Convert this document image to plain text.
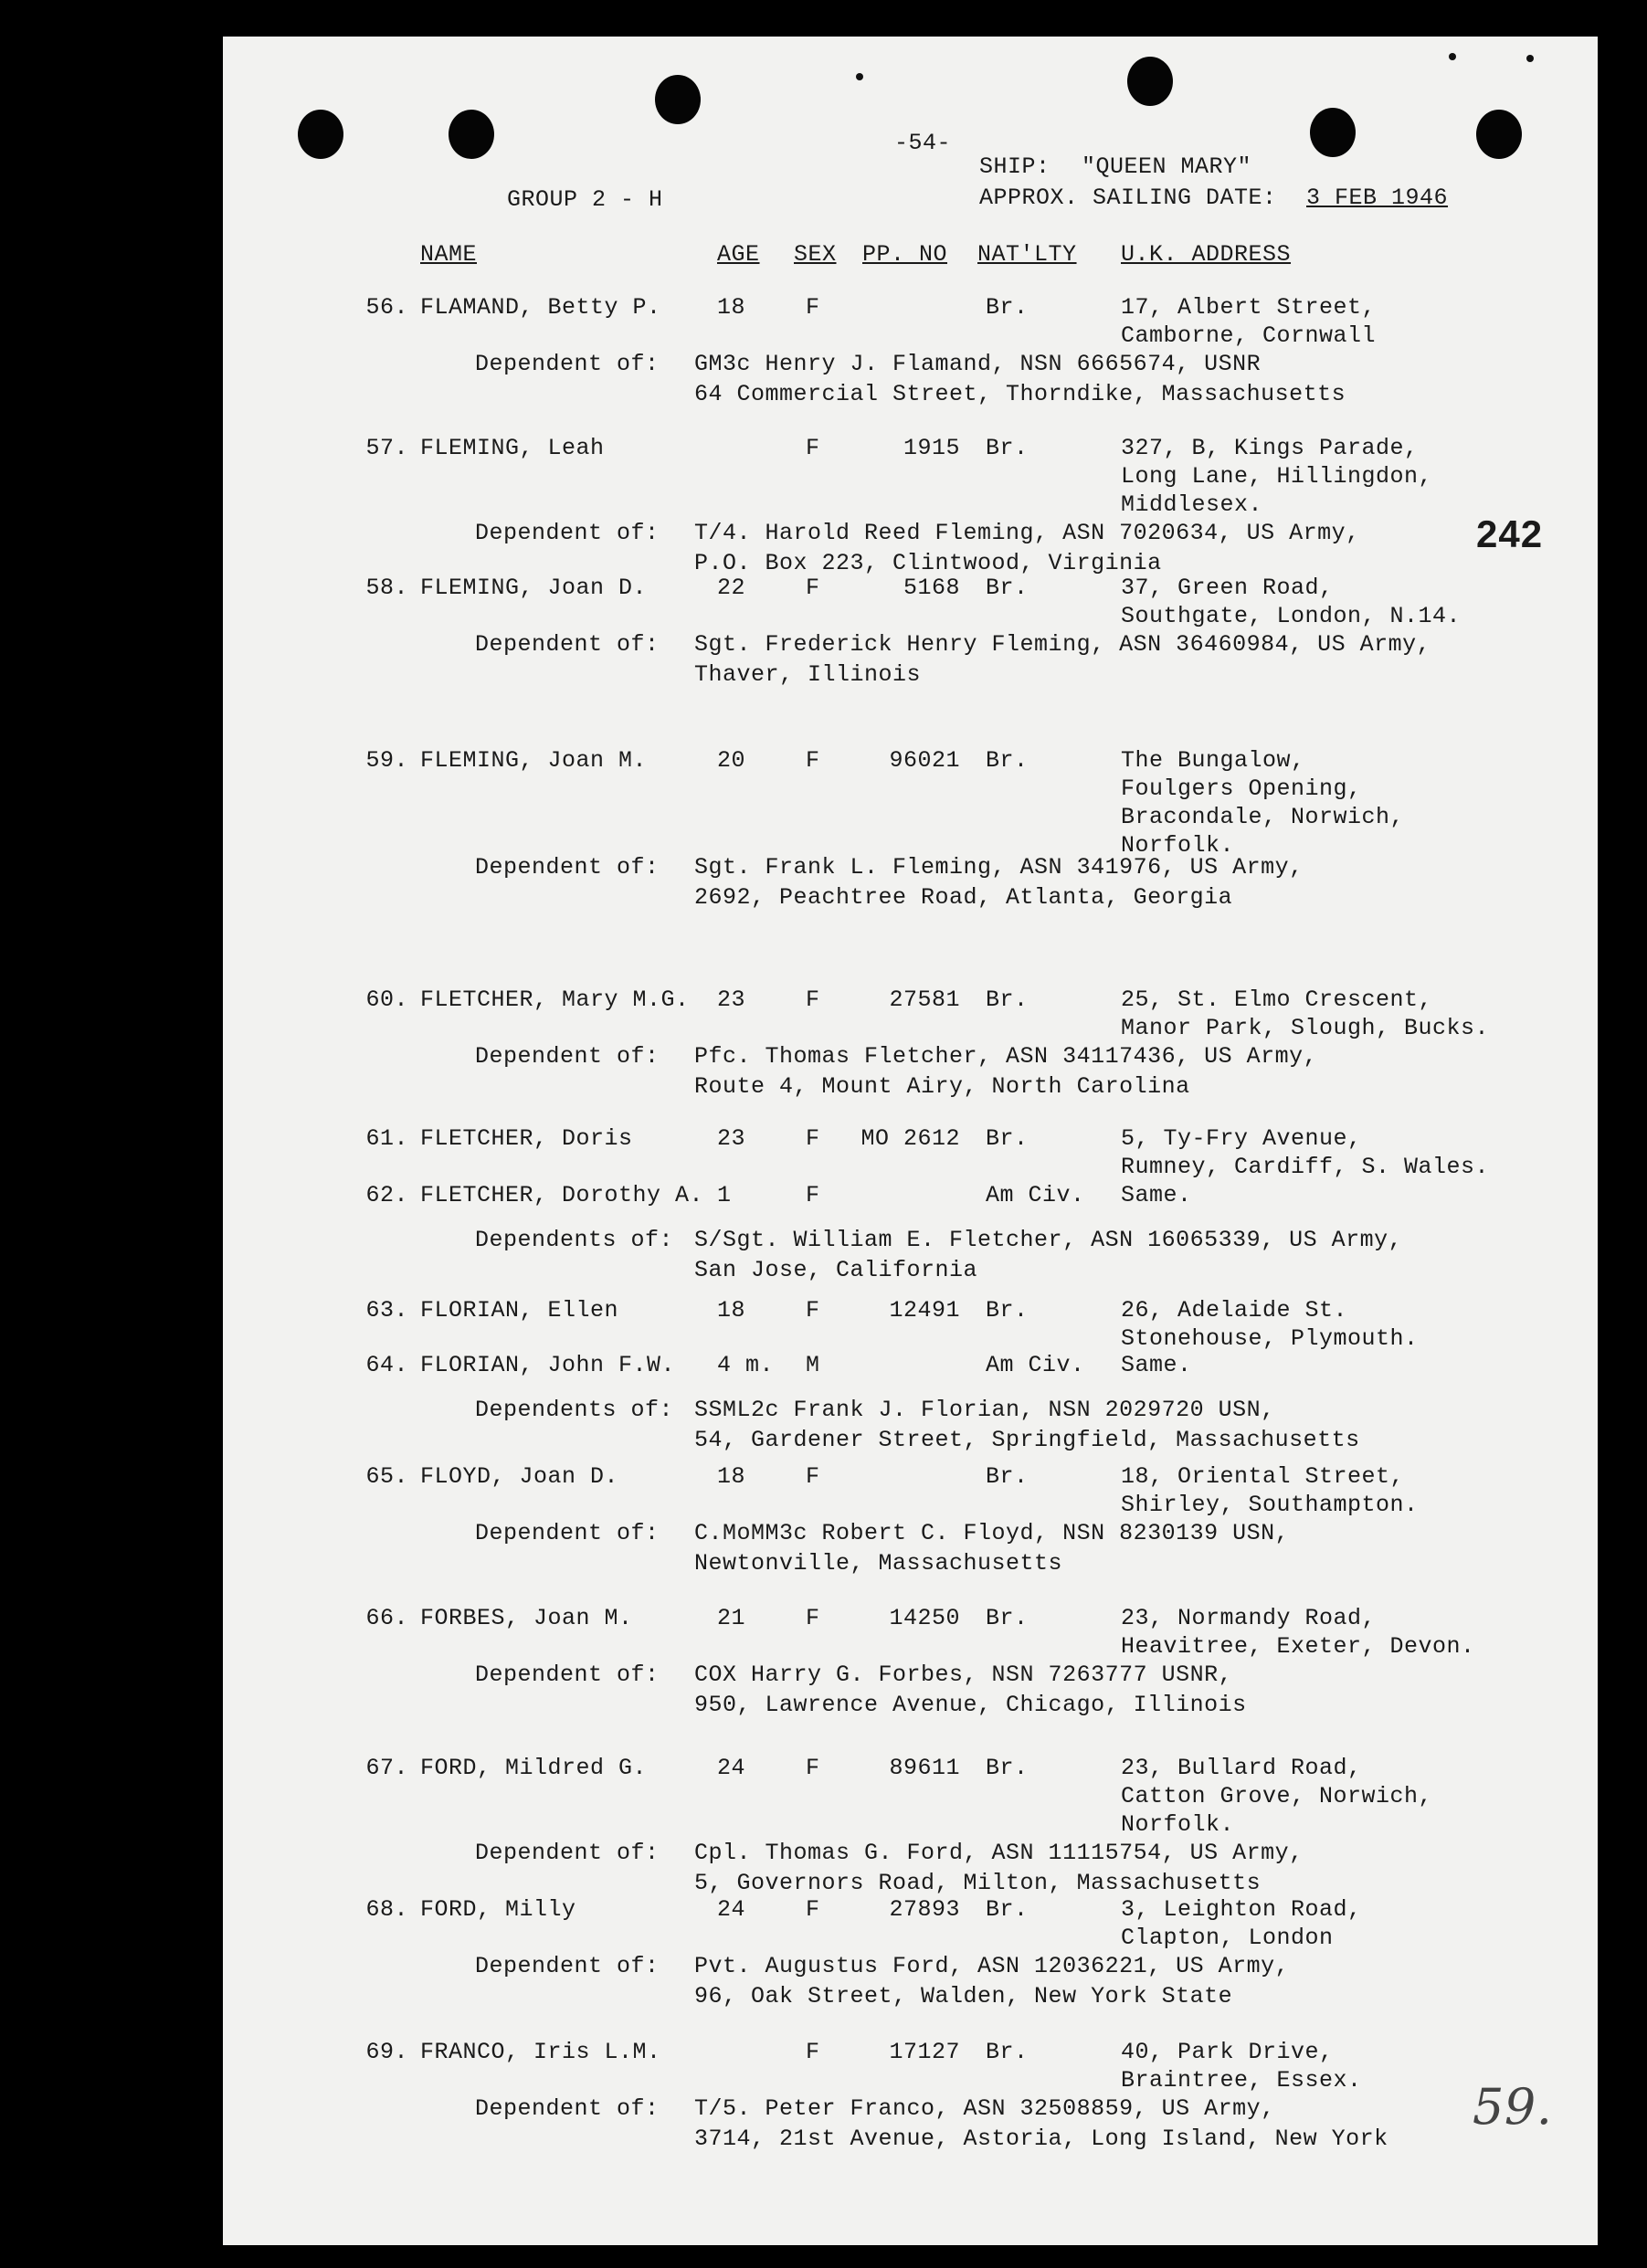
-54-
SHIP: "QUEEN MARY"
GROUP 2 - H	APPROX. SAILING DATE: 3 FEB 1946
NAME	AGE SEX PP. NO NAT'LTY U.K. ADDRESS
242
59.
56. FLAMAND, Betty P. 18	F	Br.	17, Albert Street,
Camborne, Cornwall
Dependent of: GM3c Henry J. Flamand, NSN 6665674, USNR
64 Commercial Street, Thorndike, Massachusetts
57. FLEMING, Leah	F	1915 Br.	327, B, Kings Parade,
Long Lane, Hillingdon,
Middlesex.
Dependent of: T/4. Harold Reed Fleming, ASN 7020634, US Army,
P.O. Box 223, Clintwood, Virginia
58. FLEMING, Joan D.	22	F	5168 Br.	37, Green Road,
Southgate, London, N.14.
Dependent of: Sgt. Frederick Henry Fleming, ASN 36460984, US Army,
Thaver, Illinois
59. FLEMING, Joan M.	20	F	96021 Br.	The Bungalow,
Foulgers Opening,
Bracondale, Norwich,
Norfolk.
Dependent of: Sgt. Frank L. Fleming, ASN 341976, US Army,
2692, Peachtree Road, Atlanta, Georgia
60. FLETCHER, Mary M.G. 23	F	27581 Br.	25, St. Elmo Crescent,
Manor Park, Slough, Bucks.
Dependent of: Pfc. Thomas Fletcher, ASN 34117436, US Army,
Route 4, Mount Airy, North Carolina
61. FLETCHER, Doris	23	F	MO 2612 Br.	5, Ty-Fry Avenue,
Rumney, Cardiff, S. Wales.
62. FLETCHER, Dorothy A. 1	F	Am Civ. Same.
Dependents of: S/Sgt. William E. Fletcher, ASN 16065339, US Army,
San Jose, California
63. FLORIAN, Ellen	18	F	12491 Br.	26, Adelaide St.
Stonehouse, Plymouth.
64. FLORIAN, John F.W. 4 m. M	Am Civ. Same.
Dependents of: SSML2c Frank J. Florian, NSN 2029720 USN,
54, Gardener Street, Springfield, Massachusetts
65. FLOYD, Joan D.	18	F	Br.	18, Oriental Street,
Shirley, Southampton.
Dependent of: C.MoMM3c Robert C. Floyd, NSN 8230139 USN,
Newtonville, Massachusetts
66. FORBES, Joan M.	21	F	14250 Br.	23, Normandy Road,
Heavitree, Exeter, Devon.
Dependent of: COX Harry G. Forbes, NSN 7263777 USNR,
950, Lawrence Avenue, Chicago, Illinois
67. FORD, Mildred G.	24	F	89611 Br.	23, Bullard Road,
Catton Grove, Norwich,
Norfolk.
Dependent of: Cpl. Thomas G. Ford, ASN 11115754, US Army,
5, Governors Road, Milton, Massachusetts
68. FORD, Milly	24	F	27893 Br.	3, Leighton Road,
Clapton, London
Dependent of: Pvt. Augustus Ford, ASN 12036221, US Army,
96, Oak Street, Walden, New York State
69. FRANCO, Iris L.M.	F	17127 Br.	40, Park Drive,
Braintree, Essex.
Dependent of: T/5. Peter Franco, ASN 32508859, US Army,
3714, 21st Avenue, Astoria, Long Island, New York
